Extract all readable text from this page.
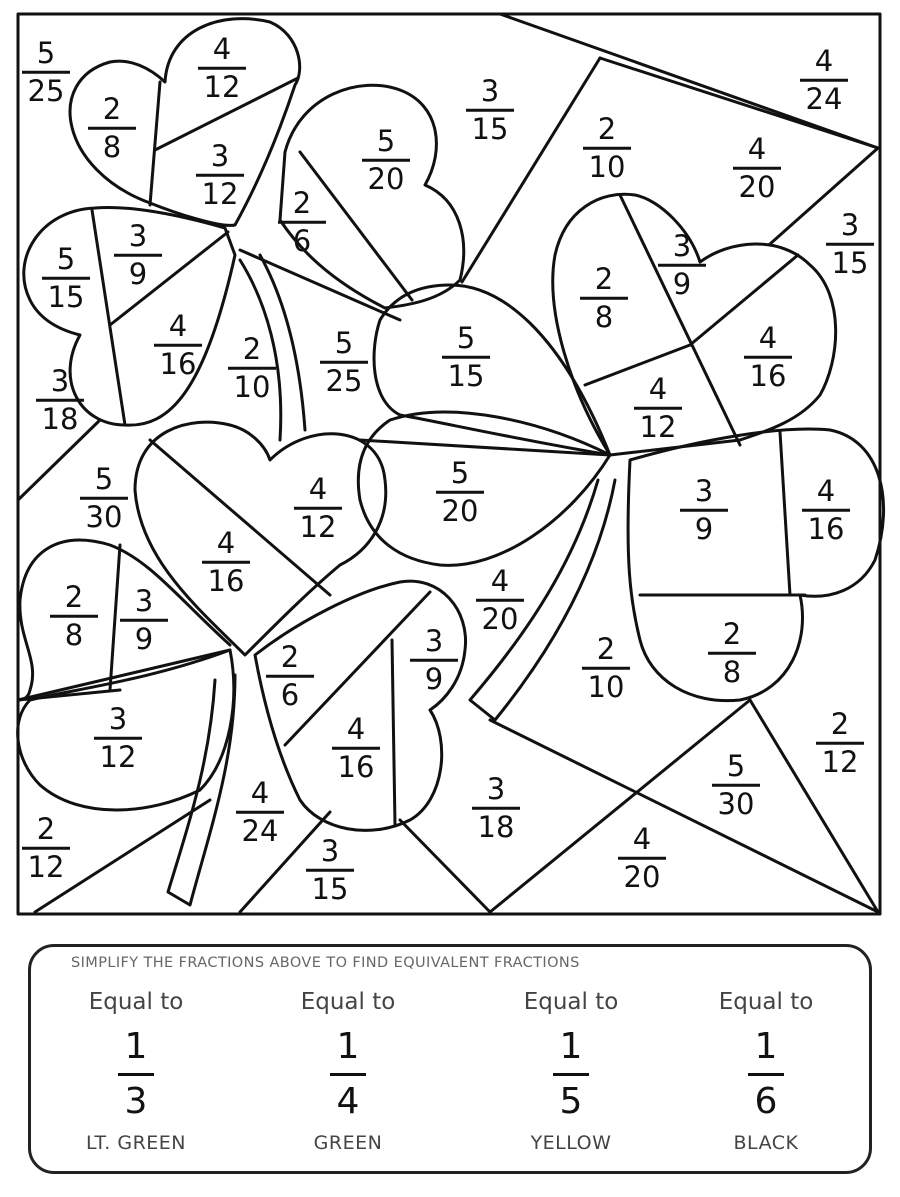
5
25
4
12
2
8	3
12
3
15
4
24
5
20
2
10
4
20
2
6	3
15
5
15
3
9	2
8
3
9
4
16	2
10
5
25
5
15
4
16
3
18
4
12
5
30
4
12
5
20
3
9
4
16
4
16
2
8
3
9
4
20
2
6
3
9
2
10
2
8
3
12
4
16
2
12
5
30
4
24
3
18
2
12	3
15
4
20
SIMPLIFY THE FRACTIONS ABOVE TO FIND EQUIVALENT FRACTIONS
Equal to
1
3
LT. GREEN
Equal to
1
4
GREEN
Equal to
1
5
YELLOW
Equal to
1
6
BLACK
